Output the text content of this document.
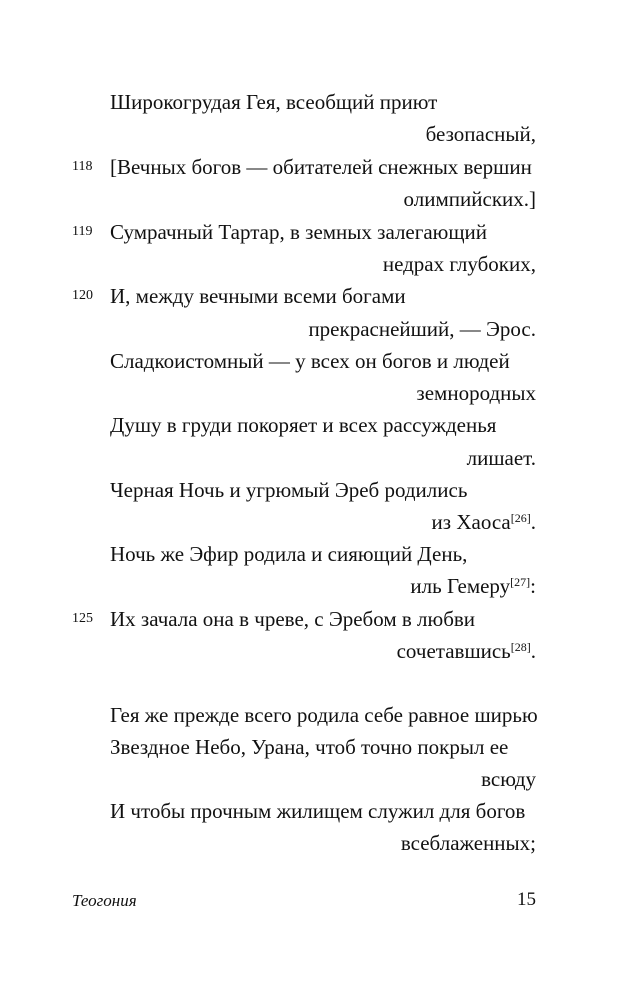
Широкогрудая Гея, всеобщий приют
безопасный,
118 [Вечных богов — обитателей снежных вершин
олимпийских.]
119 Сумрачный Тартар, в земных залегающий
недрах глубоких,
120 И, между вечными всеми богами
прекраснейший, — Эрос.
Сладкоистомный — у всех он богов и людей
земнородных
Душу в груди покоряет и всех рассужденья
лишает.
Черная Ночь и угрюмый Эреб родились
из Хаоса[26].
Ночь же Эфир родила и сияющий День,
иль Гемеру[27]:
125 Их зачала она в чреве, с Эребом в любви
сочетавшись[28].
Гея же прежде всего родила себе равное ширью
Звездное Небо, Урана, чтоб точно покрыл ее
всюду
И чтобы прочным жилищем служил для богов
всеблаженных;
Теогония	15
